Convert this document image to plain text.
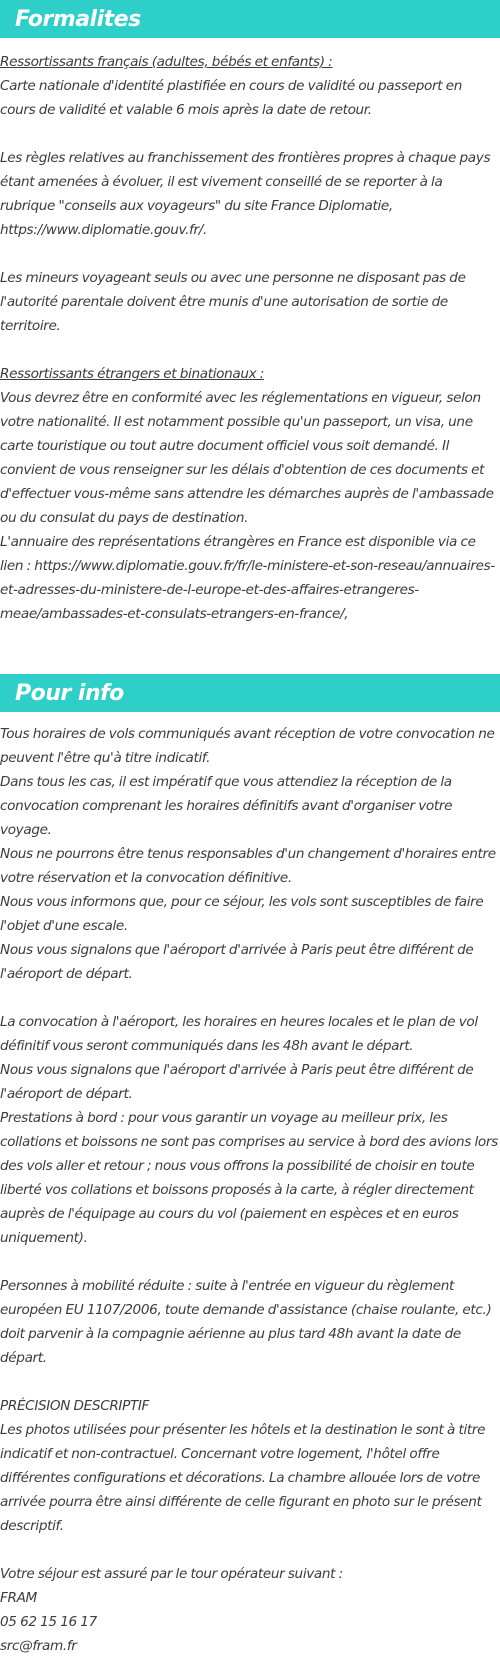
Formalites

Ressortissants français (adultes, bébés et enfants) :

Carte nationale d'identité plastifiée en cours de validité ou passeport en cours de validité et valable 6 mois après la date de retour.

Les règles relatives au franchissement des frontières propres à chaque pays étant amenées à évoluer, il est vivement conseillé de se reporter à la rubrique "conseils aux voyageurs" du site France Diplomatie, https://www.diplomatie.gouv.fr/.

Les mineurs voyageant seuls ou avec une personne ne disposant pas de l'autorité parentale doivent être munis d'une autorisation de sortie de territoire.

Ressortissants étrangers et binationaux :

Vous devrez être en conformité avec les réglementations en vigueur, selon votre nationalité. Il est notamment possible qu'un passeport, un visa, une carte touristique ou tout autre document officiel vous soit demandé. Il convient de vous renseigner sur les délais d'obtention de ces documents et d'effectuer vous-même sans attendre les démarches auprès de l'ambassade ou du consulat du pays de destination.

L'annuaire des représentations étrangères en France est disponible via ce lien : https://www.diplomatie.gouv.fr/fr/le-ministere-et-son-reseau/annuaires-et-adresses-du-ministere-de-l-europe-et-des-affaires-etrangeres-meae/ambassades-et-consulats-etrangers-en-france/,

Pour info

Tous horaires de vols communiqués avant réception de votre convocation ne peuvent l'être qu'à titre indicatif.

Dans tous les cas, il est impératif que vous attendiez la réception de la convocation comprenant les horaires définitifs avant d'organiser votre voyage.

Nous ne pourrons être tenus responsables d'un changement d'horaires entre votre réservation et la convocation définitive.

Nous vous informons que, pour ce séjour, les vols sont susceptibles de faire l'objet d'une escale.

Nous vous signalons que l'aéroport d'arrivée à Paris peut être différent de l'aéroport de départ.

La convocation à l'aéroport, les horaires en heures locales et le plan de vol définitif vous seront communiqués dans les 48h avant le départ.

Nous vous signalons que l'aéroport d'arrivée à Paris peut être différent de l'aéroport de départ.

Prestations à bord : pour vous garantir un voyage au meilleur prix, les collations et boissons ne sont pas comprises au service à bord des avions lors des vols aller et retour ; nous vous offrons la possibilité de choisir en toute liberté vos collations et boissons proposés à la carte, à régler directement auprès de l'équipage au cours du vol (paiement en espèces et en euros uniquement).

Personnes à mobilité réduite : suite à l'entrée en vigueur du règlement européen EU 1107/2006, toute demande d'assistance (chaise roulante, etc.) doit parvenir à la compagnie aérienne au plus tard 48h avant la date de départ.

PRÉCISION DESCRIPTIF

Les photos utilisées pour présenter les hôtels et la destination le sont à titre indicatif et non-contractuel. Concernant votre logement, l'hôtel offre différentes configurations et décorations. La chambre allouée lors de votre arrivée pourra être ainsi différente de celle figurant en photo sur le présent descriptif.

Votre séjour est assuré par le tour opérateur suivant :

FRAM

05 62 15 16 17

src@fram.fr
